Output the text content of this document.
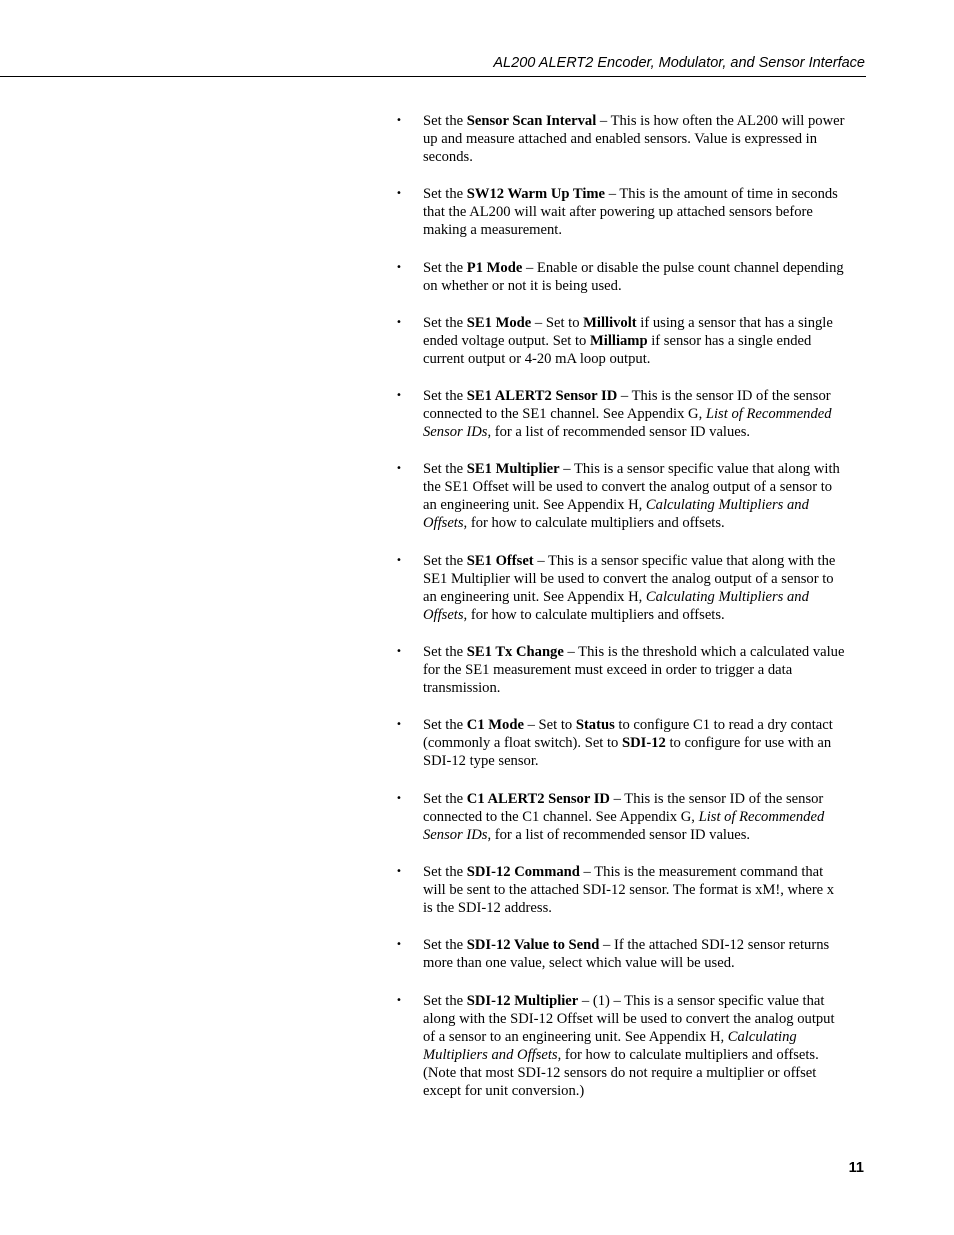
AL200 ALERT2 Encoder, Modulator, and Sensor Interface
• Set the Sensor Scan Interval – This is how often the AL200 will power up and measure attached and enabled sensors. Value is expressed in seconds.
• Set the SW12 Warm Up Time – This is the amount of time in seconds that the AL200 will wait after powering up attached sensors before making a measurement.
• Set the P1 Mode – Enable or disable the pulse count channel depending on whether or not it is being used.
• Set the SE1 Mode – Set to Millivolt if using a sensor that has a single ended voltage output. Set to Milliamp if sensor has a single ended current output or 4-20 mA loop output.
• Set the SE1 ALERT2 Sensor ID – This is the sensor ID of the sensor connected to the SE1 channel. See Appendix G, List of Recommended Sensor IDs, for a list of recommended sensor ID values.
• Set the SE1 Multiplier – This is a sensor specific value that along with the SE1 Offset will be used to convert the analog output of a sensor to an engineering unit. See Appendix H, Calculating Multipliers and Offsets, for how to calculate multipliers and offsets.
• Set the SE1 Offset – This is a sensor specific value that along with the SE1 Multiplier will be used to convert the analog output of a sensor to an engineering unit. See Appendix H, Calculating Multipliers and Offsets, for how to calculate multipliers and offsets.
• Set the SE1 Tx Change – This is the threshold which a calculated value for the SE1 measurement must exceed in order to trigger a data transmission.
• Set the C1 Mode – Set to Status to configure C1 to read a dry contact (commonly a float switch). Set to SDI-12 to configure for use with an SDI-12 type sensor.
• Set the C1 ALERT2 Sensor ID – This is the sensor ID of the sensor connected to the C1 channel. See Appendix G, List of Recommended Sensor IDs, for a list of recommended sensor ID values.
• Set the SDI-12 Command – This is the measurement command that will be sent to the attached SDI-12 sensor. The format is xM!, where x is the SDI-12 address.
• Set the SDI-12 Value to Send – If the attached SDI-12 sensor returns more than one value, select which value will be used.
• Set the SDI-12 Multiplier – (1) – This is a sensor specific value that along with the SDI-12 Offset will be used to convert the analog output of a sensor to an engineering unit. See Appendix H, Calculating Multipliers and Offsets, for how to calculate multipliers and offsets. (Note that most SDI-12 sensors do not require a multiplier or offset except for unit conversion.)
11
